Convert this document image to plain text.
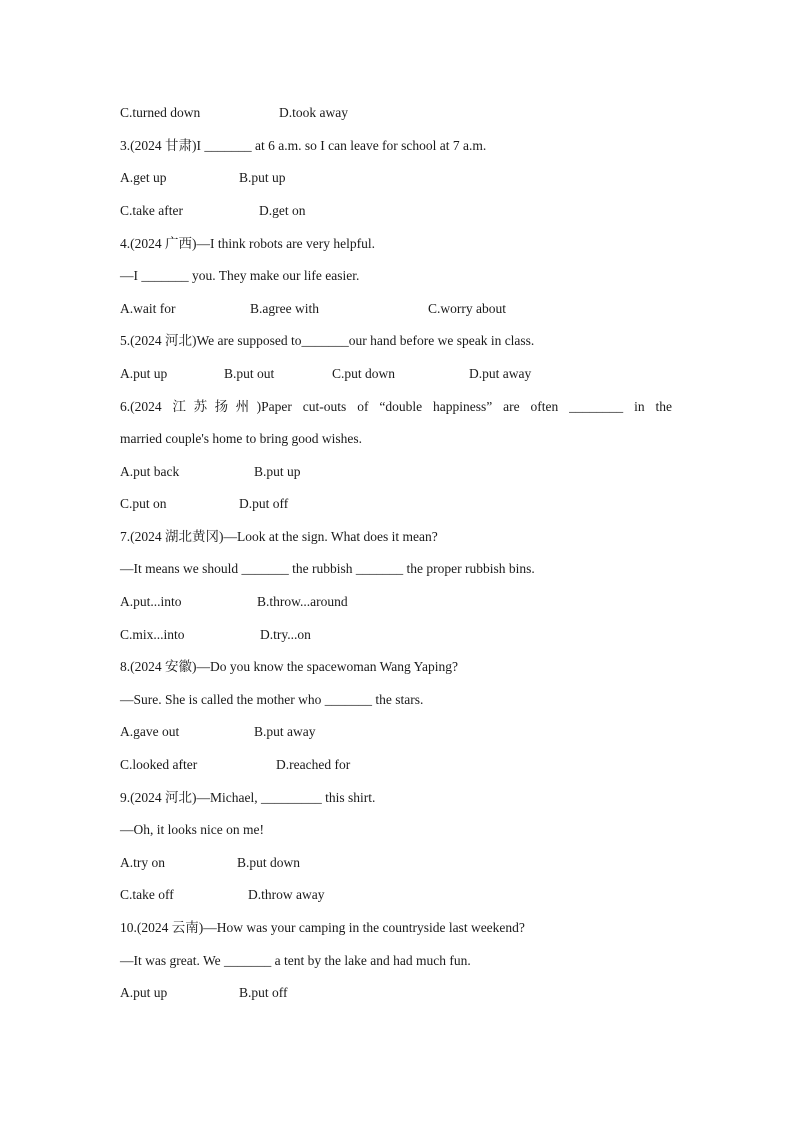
C.turned down	D.took away
3.(2024 甘肃)I _______ at 6 a.m. so I can leave for school at 7 a.m.
A.get up	B.put up
C.take after	D.get on
4.(2024 广西)—I think robots are very helpful.
—I _______ you. They make our life easier.
A.wait for	B.agree with	C.worry about
5.(2024 河北)We are supposed to_______our hand before we speak in class.
A.put up	B.put out	C.put down	D.put away
6.(2024 江苏扬州)Paper cut-outs of “double happiness” are often ________ in the
married couple's home to bring good wishes.
A.put back	B.put up
C.put on	D.put off
7.(2024 湖北黄冈)—Look at the sign. What does it mean?
—It means we should _______ the rubbish _______ the proper rubbish bins.
A.put...into	B.throw...around
C.mix...into	D.try...on
8.(2024 安徽)—Do you know the spacewoman Wang Yaping?
—Sure. She is called the mother who _______ the stars.
A.gave out	B.put away
C.looked after	D.reached for
9.(2024 河北)—Michael, _________ this shirt.
—Oh, it looks nice on me!
A.try on	B.put down
C.take off	D.throw away
10.(2024 云南)—How was your camping in the countryside last weekend?
—It was great. We _______ a tent by the lake and had much fun.
A.put up	B.put off
